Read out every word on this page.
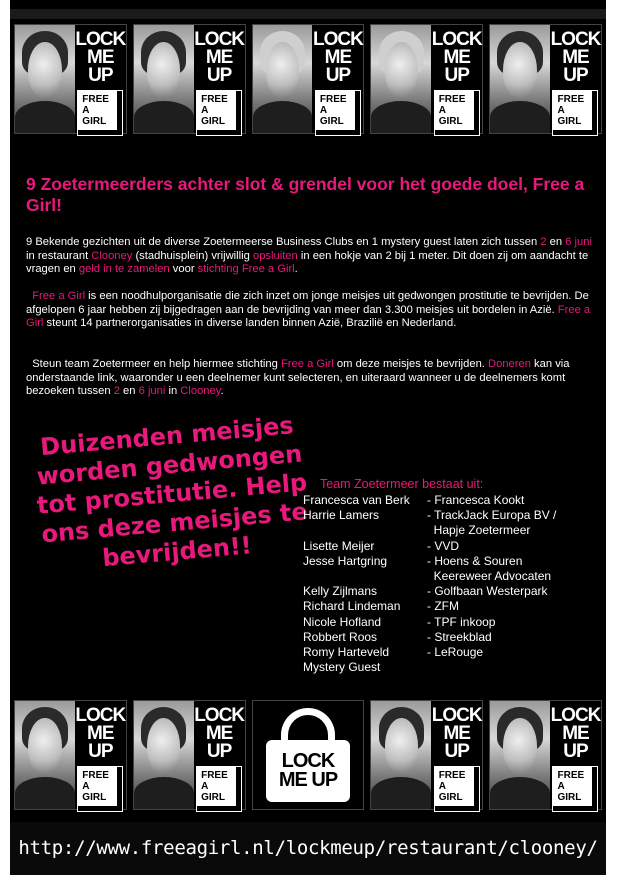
LOCK
ME UP
FREE
A
GIRL
LOCK
ME UP
FREE
A
GIRL
LOCK
ME UP
FREE
A
GIRL
LOCK
ME UP
FREE
A
GIRL
LOCK
ME UP
FREE
A
GIRL
9 Zoetermeerders achter slot & grendel voor het goede doel, Free a Girl!
9 Bekende gezichten uit de diverse Zoetermeerse Business Clubs en 1 mystery guest laten zich tussen 2 en 6 juni in restaurant Clooney (stadhuisplein) vrijwillig opsluiten in een hokje van 2 bij 1 meter. Dit doen zij om aandacht te vragen en geld in te zamelen voor stichting Free a Girl.
Free a Girl is een noodhulporganisatie die zich inzet om jonge meisjes uit gedwongen prostitutie te bevrijden. De afgelopen 6 jaar hebben zij bijgedragen aan de bevrijding van meer dan 3.300 meisjes uit bordelen in Azië. Free a Girl steunt 14 partnerorganisaties in diverse landen binnen Azië, Brazilië en Nederland.
Steun team Zoetermeer en help hiermee stichting Free a Girl om deze meisjes te bevrijden. Doneren kan via onderstaande link, waaronder u een deelnemer kunt selecteren, en uiteraard wanneer u de deelnemers komt bezoeken tussen 2 en 6 juni in Clooney.
Duizenden meisjes worden gedwongen tot prostitutie. Help ons deze meisjes te bevrijden!!
Team Zoetermeer bestaat uit:
Francesca van Berk	- Francesca Kookt
Harrie Lamers	- TrackJack Europa BV /
Hapje Zoetermeer
Lisette Meijer	- VVD
Jesse Hartgring	- Hoens & Souren
Keereweer Advocaten
Kelly Zijlmans	- Golfbaan Westerpark
Richard Lindeman	- ZFM
Nicole Hofland	- TPF inkoop
Robbert Roos	- Streekblad
Romy Harteveld	- LeRouge
Mystery Guest
LOCK
ME UP
FREE
A
GIRL
LOCK
ME UP
FREE
A
GIRL
LOCK
ME UP
LOCK
ME UP
FREE
A
GIRL
LOCK
ME UP
FREE
A
GIRL
http://www.freeagirl.nl/lockmeup/restaurant/clooney/
